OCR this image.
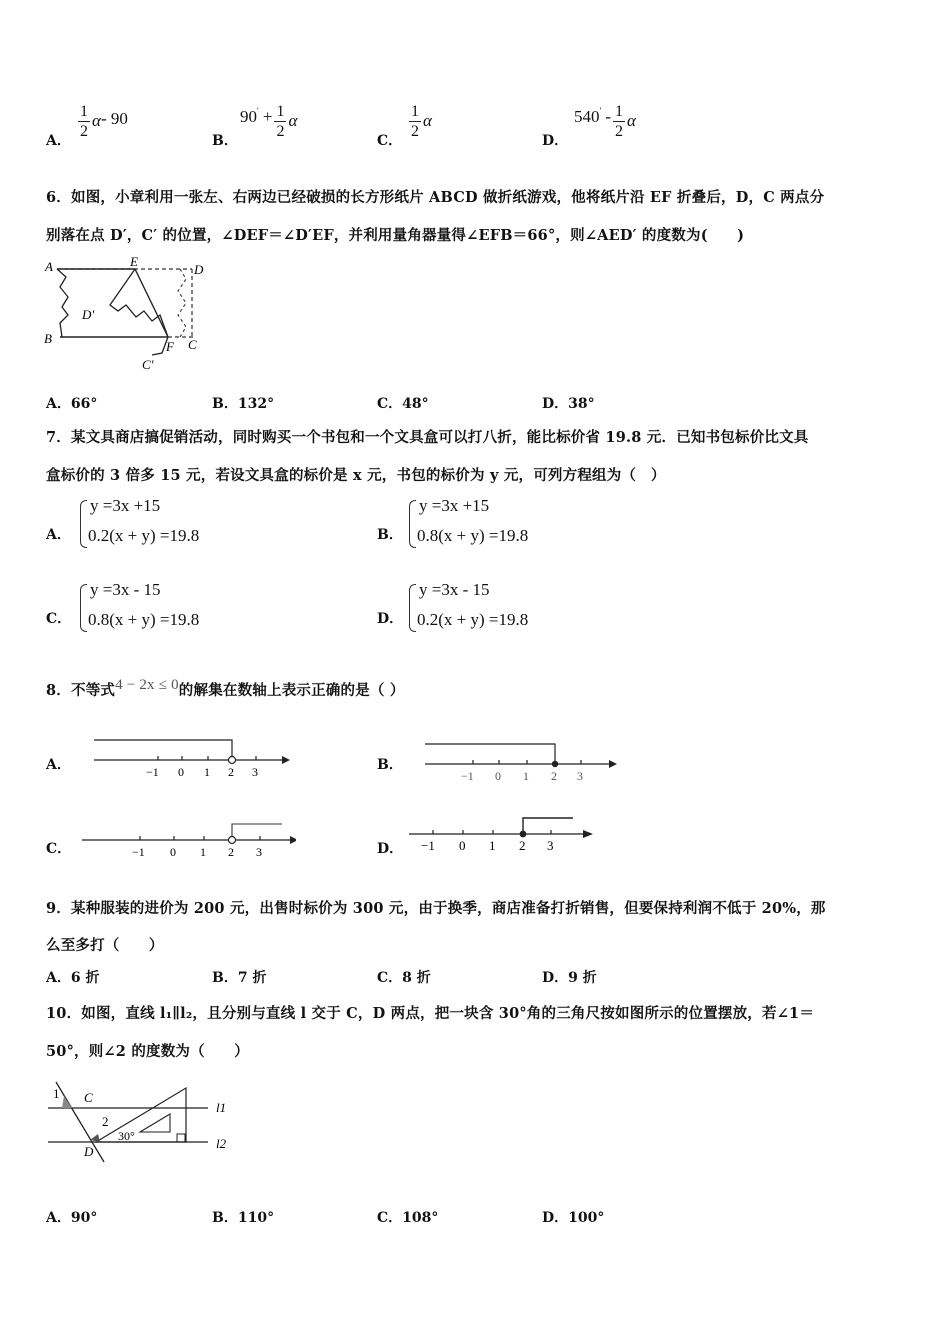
A．
$\frac{1}{2} \alpha-$ 90
B．
$90' + \frac{1}{2}$ α
C．
$\frac{1}{2}$ α
D．
$540' - \frac{1}{2}$ α
6．如图，小章利用一张左、右两边已经破损的长方形纸片 ABCD 做折纸游戏，他将纸片沿 EF 折叠后，D，C 两点分
别落在点 D′，C′ 的位置，∠DEF＝∠D′EF，并利用量角器量得∠EFB＝66°，则∠AED′ 的度数为(　　)
A	E
D
D'
B
F C
C'
A．66°	B．132°	C．48°	D．38°
7．某文具商店搞促销活动，同时购买一个书包和一个文具盒可以打八折，能比标价省 19.8 元．已知书包标价比文具
盒标价的 3 倍多 15 元，若设文具盒的标价是 x 元，书包的标价为 y 元，可列方程组为（　）
A．
y =3x +15
0.2(x + y) =19.8	B．
y =3x +15
0.8(x + y) =19.8
C．
y =3x - 15
0.8(x + y) =19.8	D．
y =3x - 15
0.2(x + y) =19.8
8．不等式4 − 2x ≤ 0的解集在数轴上表示正确的是（ ）
A．	−1 0 1 2 3	B．
−1 0 1 2 3
C．	−1 0 1 2 3	D． −1 0 1 2 3
9．某种服装的进价为 200 元，出售时标价为 300 元，由于换季，商店准备打折销售，但要保持利润不低于 20%，那
么至多打（　　）
A．6 折	B．7 折	C．8 折	D．9 折
10．如图，直线 l₁∥l₂，且分别与直线 l 交于 C，D 两点，把一块含 30°角的三角尺按如图所示的位置摆放，若∠1＝
50°，则∠2 的度数为（　　）
1 C
2
30°
D
l1
l2
A．90°	B．110°	C．108°	D．100°
